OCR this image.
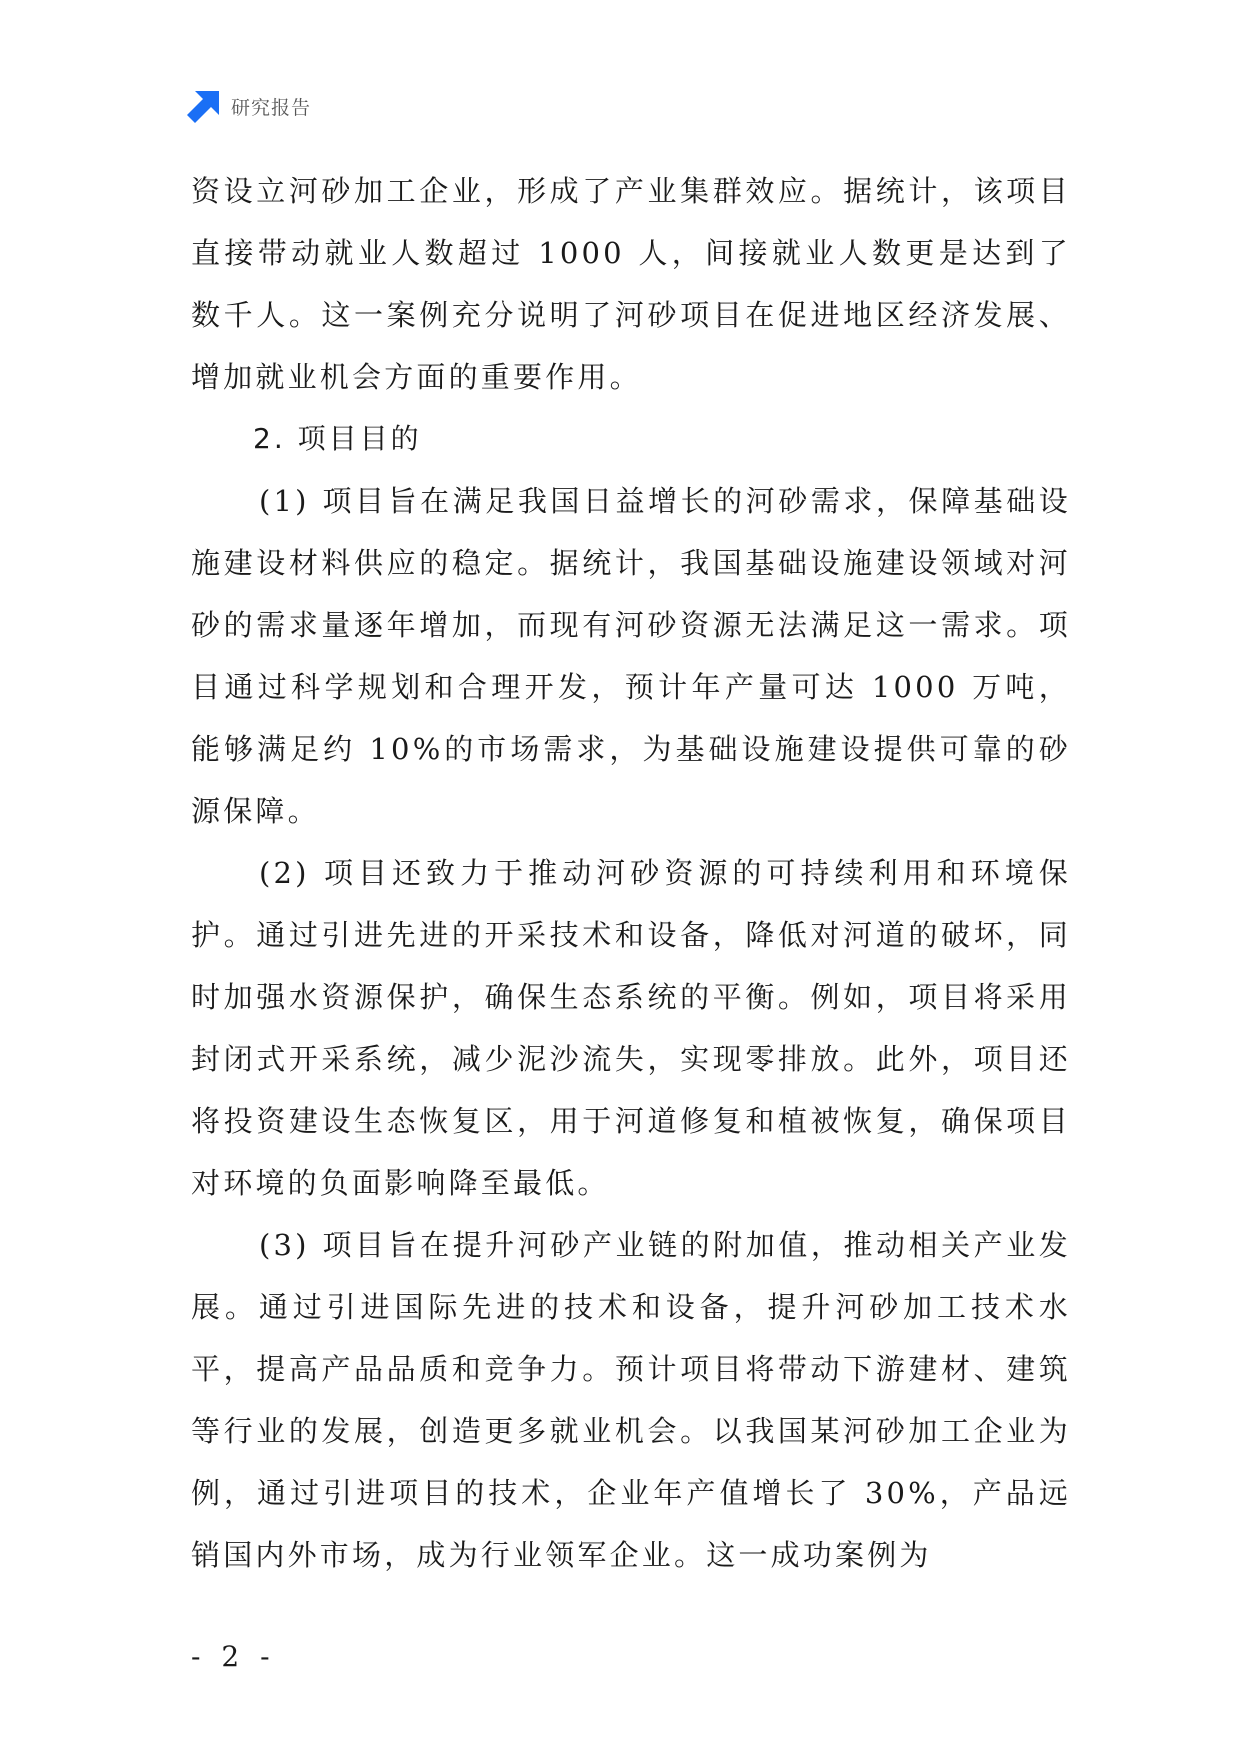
研究报告

资设立河砂加工企业，形成了产业集群效应。据统计，该项目直接带动就业人数超过 1000 人，间接就业人数更是达到了数千人。这一案例充分说明了河砂项目在促进地区经济发展、增加就业机会方面的重要作用。

2. 项目目的

(1) 项目旨在满足我国日益增长的河砂需求，保障基础设施建设材料供应的稳定。据统计，我国基础设施建设领域对河砂的需求量逐年增加，而现有河砂资源无法满足这一需求。项目通过科学规划和合理开发，预计年产量可达 1000 万吨，能够满足约 10%的市场需求，为基础设施建设提供可靠的砂源保障。

(2) 项目还致力于推动河砂资源的可持续利用和环境保护。通过引进先进的开采技术和设备，降低对河道的破坏，同时加强水资源保护，确保生态系统的平衡。例如，项目将采用封闭式开采系统，减少泥沙流失，实现零排放。此外，项目还将投资建设生态恢复区，用于河道修复和植被恢复，确保项目对环境的负面影响降至最低。

(3) 项目旨在提升河砂产业链的附加值，推动相关产业发展。通过引进国际先进的技术和设备，提升河砂加工技术水平，提高产品品质和竞争力。预计项目将带动下游建材、建筑等行业的发展，创造更多就业机会。以我国某河砂加工企业为例，通过引进项目的技术，企业年产值增长了 30%，产品远销国内外市场，成为行业领军企业。这一成功案例为

- 2 -
